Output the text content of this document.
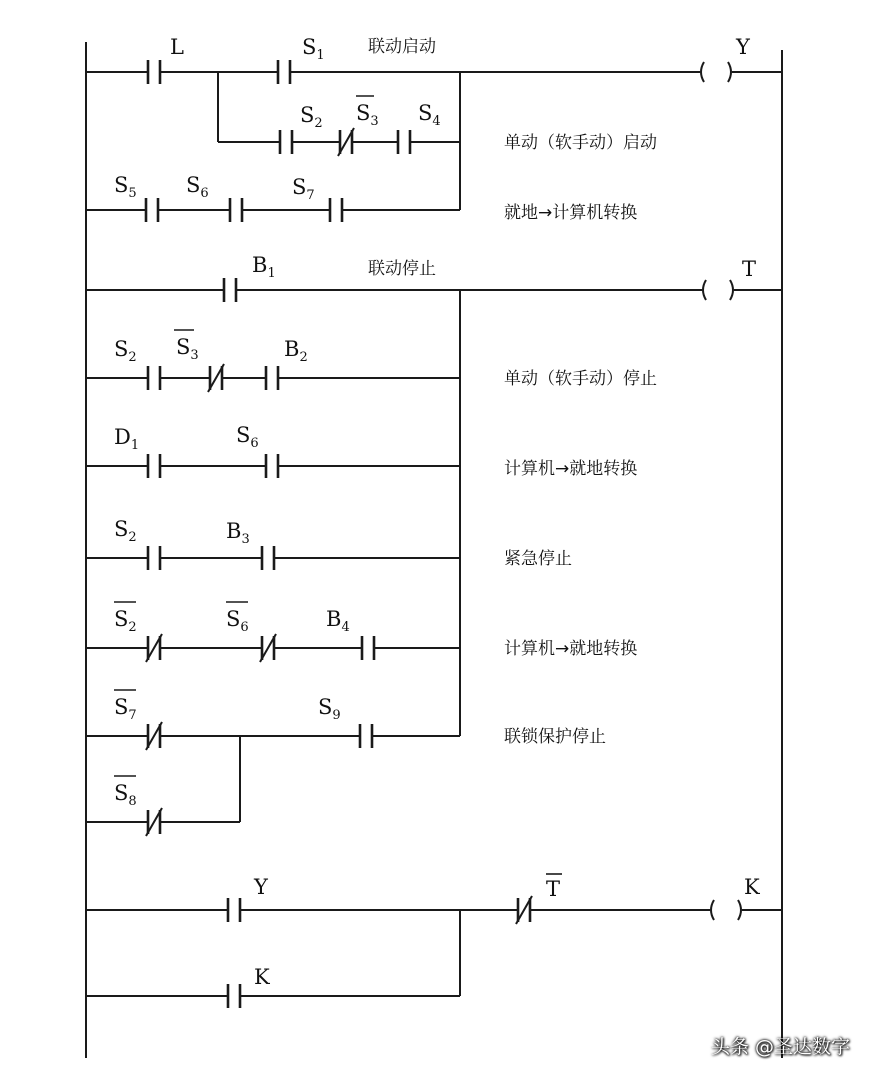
Y
T
K
L	$S_1$
$S_2$ $S_3$ $S_4$
$S_5$ $S_6$	$S_7$
$B_1$
$S_2$ $S_3$	$B_2$
$D_1$	$S_6$
$S_2$	$B_3$
$S_2$	$S_6$	$B_4$
$S_7$	$S_9$
$S_8$
Y	T
K
联动启动
单动（软手动）启动
就地→计算机转换
联动停止
单动（软手动）停止
计算机→就地转换
紧急停止
计算机→就地转换
联锁保护停止
头条 @圣达数字
